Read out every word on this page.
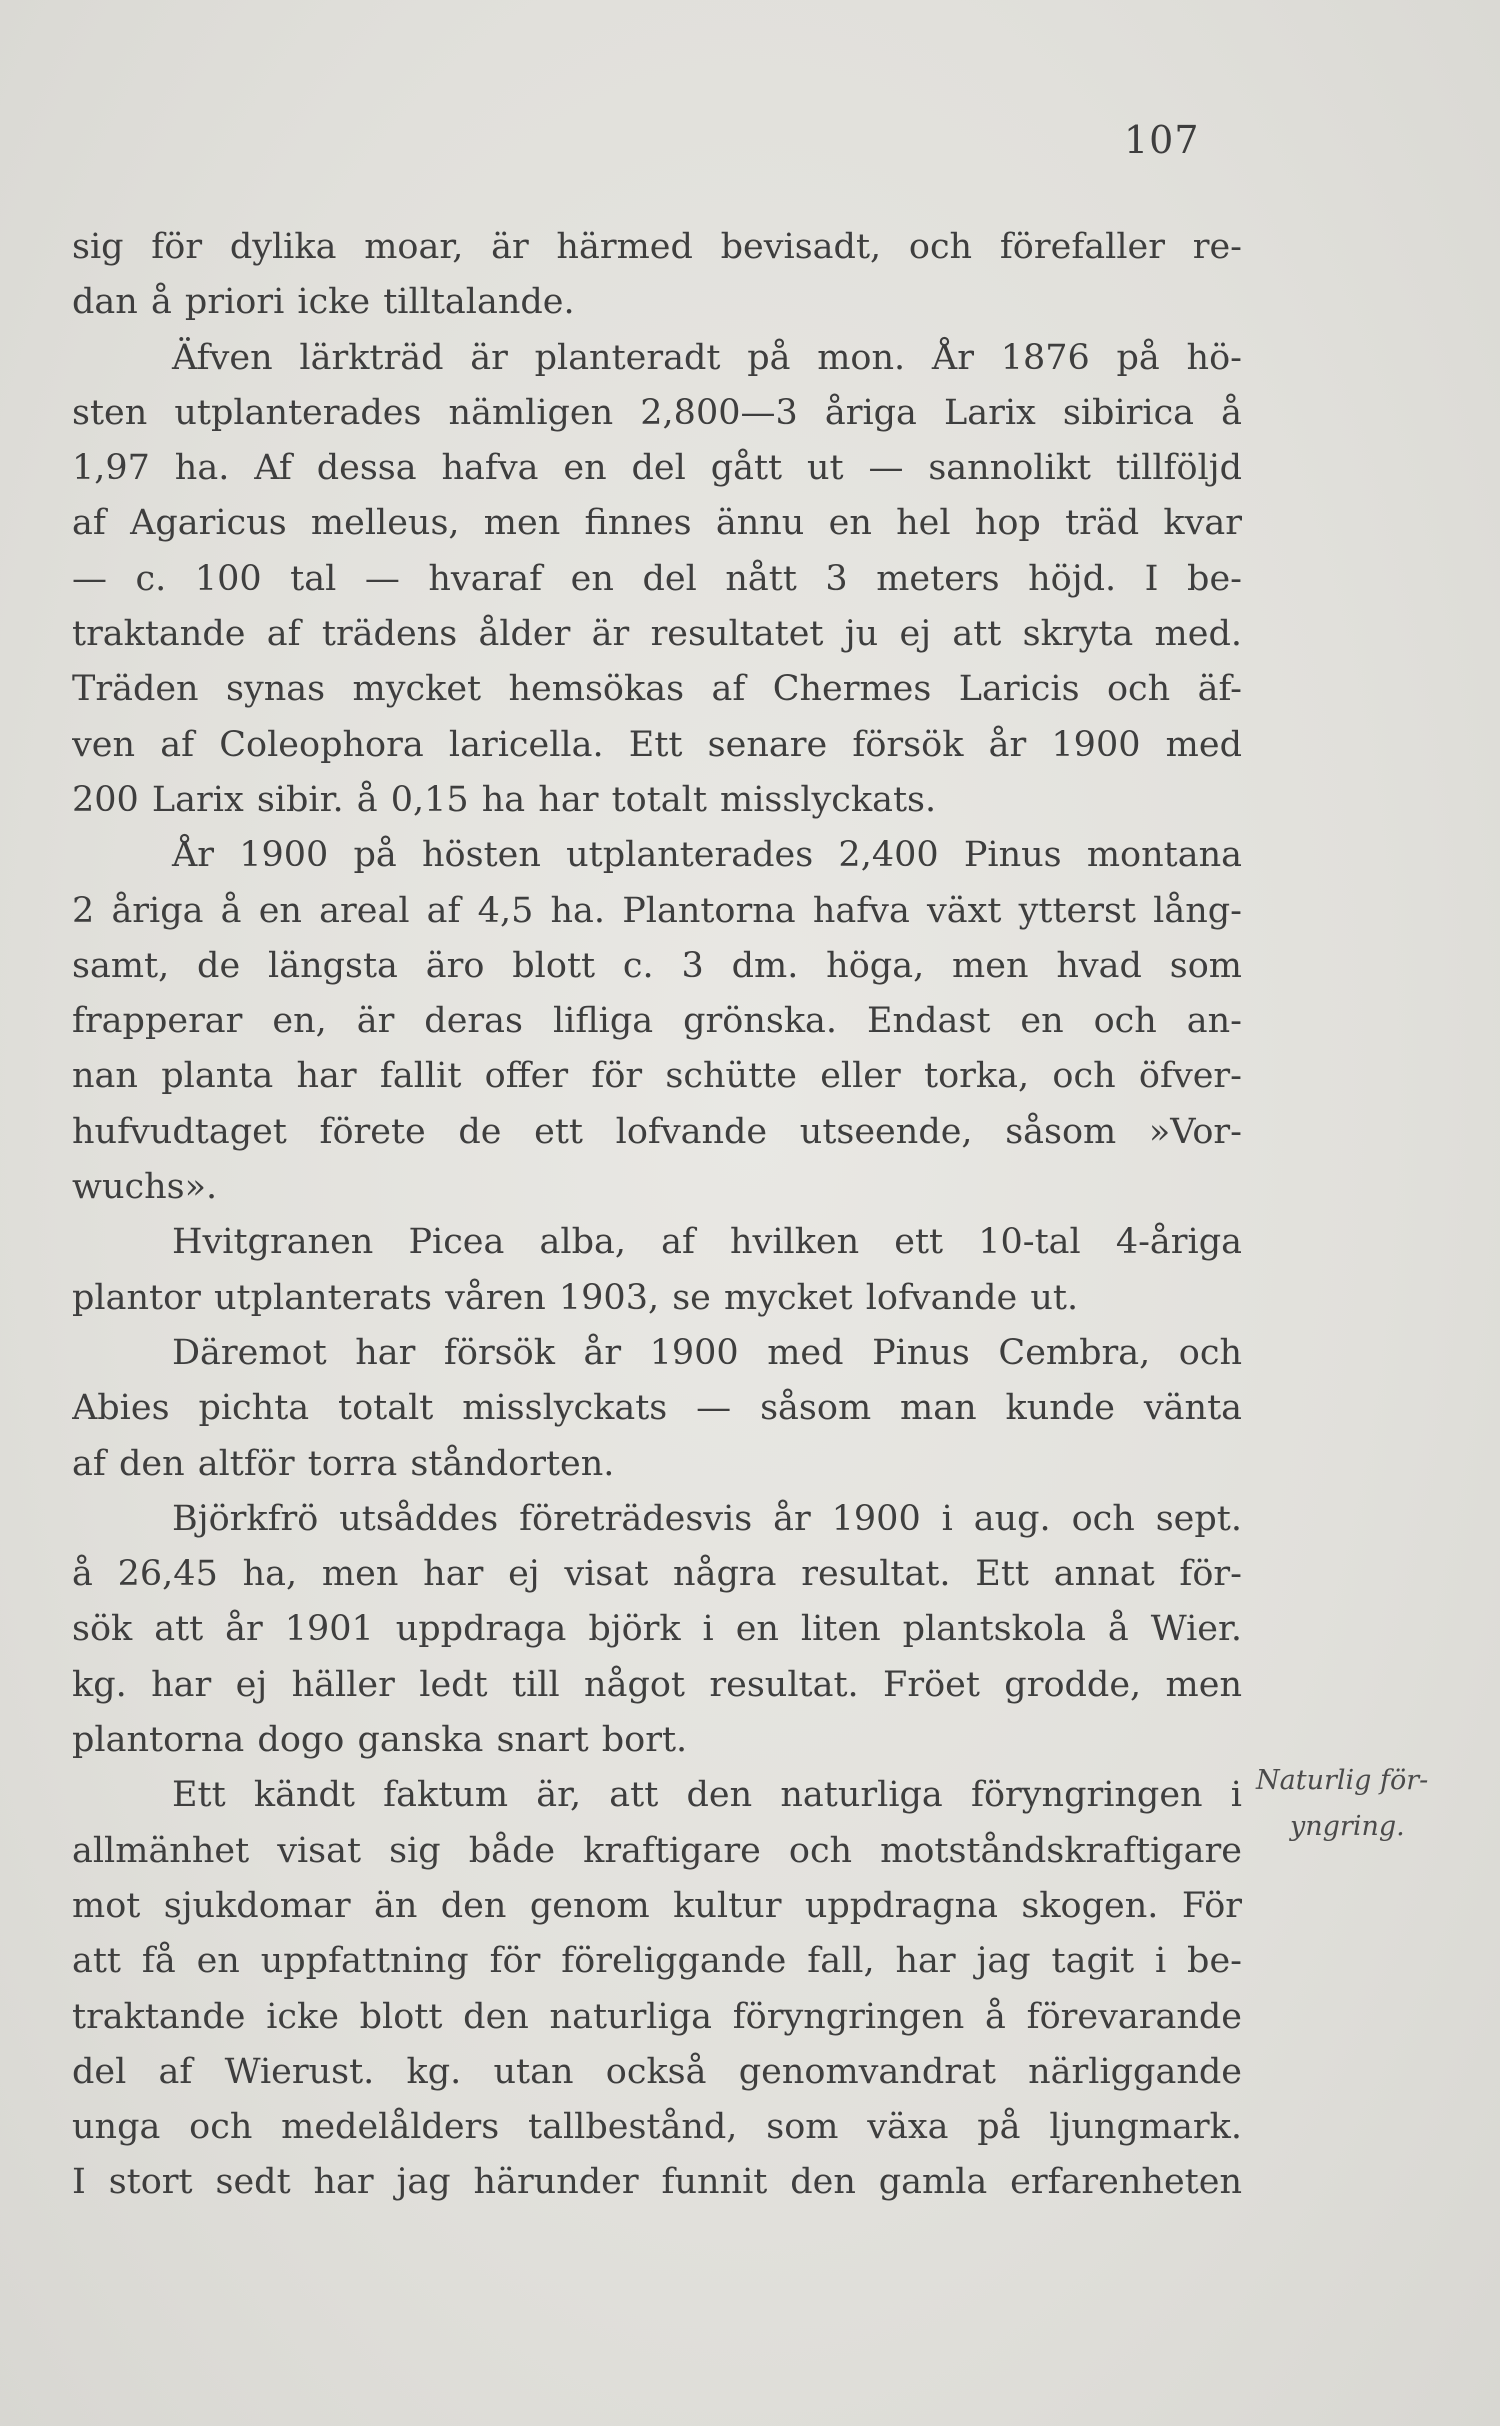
107
sig för dylika moar, är härmed bevisadt, och förefaller re-
dan å priori icke tilltalande.
Äfven lärkträd är planteradt på mon. År 1876 på hö-
sten utplanterades nämligen 2,800—3 åriga Larix sibirica å
1,97 ha. Af dessa hafva en del gått ut — sannolikt tillföljd
af Agaricus melleus, men finnes ännu en hel hop träd kvar
— c. 100 tal — hvaraf en del nått 3 meters höjd. I be-
traktande af trädens ålder är resultatet ju ej att skryta med.
Träden synas mycket hemsökas af Chermes Laricis och äf-
ven af Coleophora laricella. Ett senare försök år 1900 med
200 Larix sibir. å 0,15 ha har totalt misslyckats.
År 1900 på hösten utplanterades 2,400 Pinus montana
2 åriga å en areal af 4,5 ha. Plantorna hafva växt ytterst lång-
samt, de längsta äro blott c. 3 dm. höga, men hvad som
frapperar en, är deras lifliga grönska. Endast en och an-
nan planta har fallit offer för schütte eller torka, och öfver-
hufvudtaget förete de ett lofvande utseende, såsom »Vor-
wuchs».
Hvitgranen Picea alba, af hvilken ett 10-tal 4-åriga
plantor utplanterats våren 1903, se mycket lofvande ut.
Däremot har försök år 1900 med Pinus Cembra, och
Abies pichta totalt misslyckats — såsom man kunde vänta
af den altför torra ståndorten.
Björkfrö utsåddes företrädesvis år 1900 i aug. och sept.
å 26,45 ha, men har ej visat några resultat. Ett annat för-
sök att år 1901 uppdraga björk i en liten plantskola å Wier.
kg. har ej häller ledt till något resultat. Fröet grodde, men
plantorna dogo ganska snart bort.
Ett kändt faktum är, att den naturliga föryngringen i
allmänhet visat sig både kraftigare och motståndskraftigare
mot sjukdomar än den genom kultur uppdragna skogen. För
att få en uppfattning för föreliggande fall, har jag tagit i be-
traktande icke blott den naturliga föryngringen å förevarande
del af Wierust. kg. utan också genomvandrat närliggande
unga och medelålders tallbestånd, som växa på ljungmark.
I stort sedt har jag härunder funnit den gamla erfarenheten
Naturlig för-
yngring.
